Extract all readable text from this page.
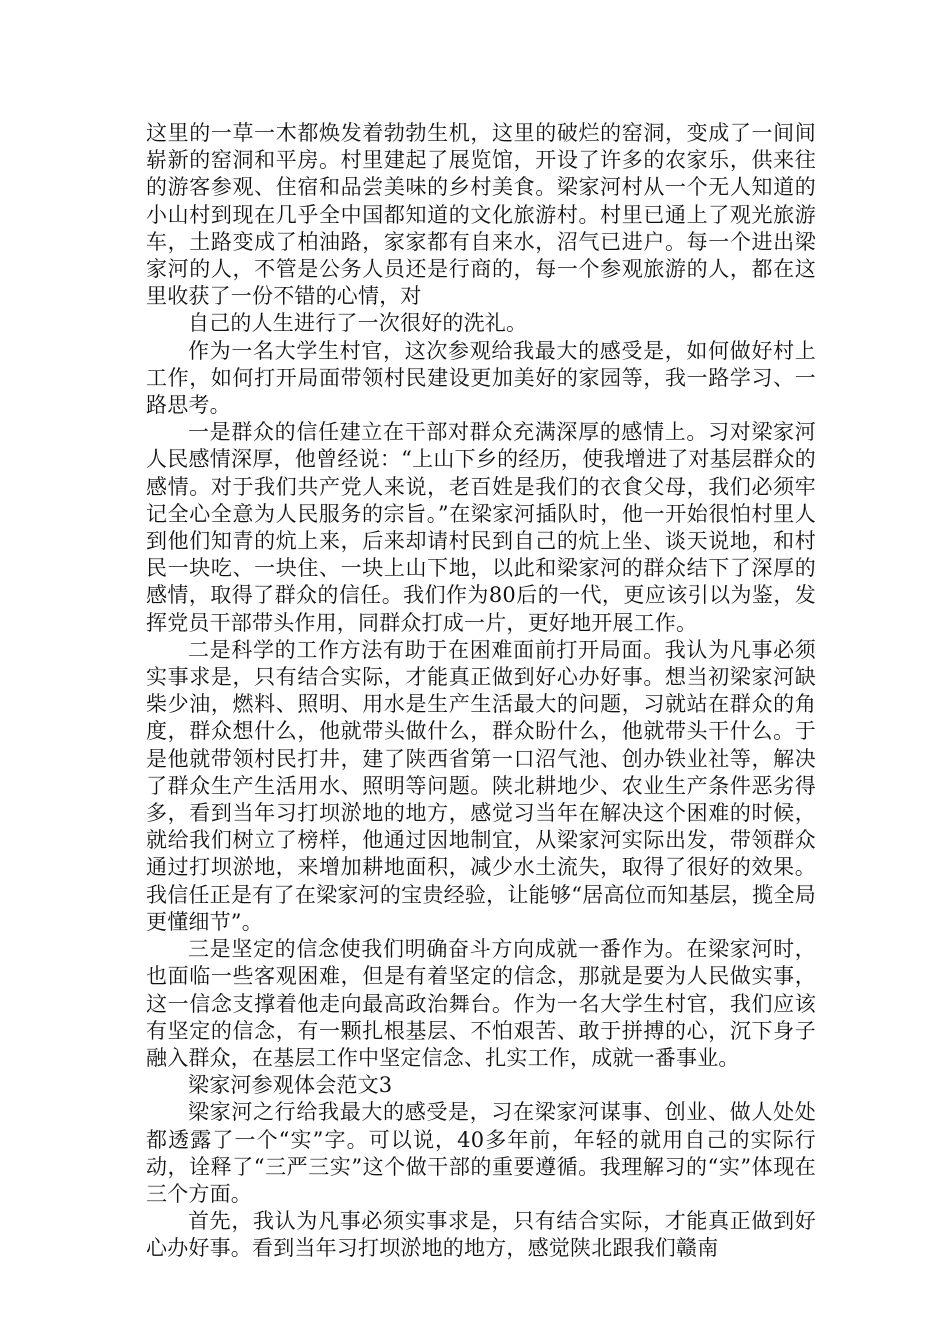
这里的一草一木都焕发着勃勃生机，这里的破烂的窑洞，变成了一间间崭新的窑洞和平房。村里建起了展览馆，开设了许多的农家乐，供来往的游客参观、住宿和品尝美味的乡村美食。梁家河村从一个无人知道的小山村到现在几乎全中国都知道的文化旅游村。村里已通上了观光旅游车，土路变成了柏油路，家家都有自来水，沼气已进户。每一个进出梁家河的人，不管是公务人员还是行商的，每一个参观旅游的人，都在这里收获了一份不错的心情，对

自己的人生进行了一次很好的洗礼。

作为一名大学生村官，这次参观给我最大的感受是，如何做好村上工作，如何打开局面带领村民建设更加美好的家园等，我一路学习、一路思考。

一是群众的信任建立在干部对群众充满深厚的感情上。习对梁家河人民感情深厚，他曾经说：“上山下乡的经历，使我增进了对基层群众的感情。对于我们共产党人来说，老百姓是我们的衣食父母，我们必须牢记全心全意为人民服务的宗旨。”在梁家河插队时，他一开始很怕村里人到他们知青的炕上来，后来却请村民到自己的炕上坐、谈天说地，和村民一块吃、一块住、一块上山下地，以此和梁家河的群众结下了深厚的感情，取得了群众的信任。我们作为80后的一代，更应该引以为鉴，发挥党员干部带头作用，同群众打成一片，更好地开展工作。

二是科学的工作方法有助于在困难面前打开局面。我认为凡事必须实事求是，只有结合实际，才能真正做到好心办好事。想当初梁家河缺柴少油，燃料、照明、用水是生产生活最大的问题，习就站在群众的角度，群众想什么，他就带头做什么，群众盼什么，他就带头干什么。于是他就带领村民打井，建了陕西省第一口沼气池、创办铁业社等，解决了群众生产生活用水、照明等问题。陕北耕地少、农业生产条件恶劣得多，看到当年习打坝淤地的地方，感觉习当年在解决这个困难的时候，就给我们树立了榜样，他通过因地制宜，从梁家河实际出发，带领群众通过打坝淤地，来增加耕地面积，减少水土流失，取得了很好的效果。我信任正是有了在梁家河的宝贵经验，让能够“居高位而知基层，揽全局更懂细节”。

三是坚定的信念使我们明确奋斗方向成就一番作为。在梁家河时，也面临一些客观困难，但是有着坚定的信念，那就是要为人民做实事，这一信念支撑着他走向最高政治舞台。作为一名大学生村官，我们应该有坚定的信念，有一颗扎根基层、不怕艰苦、敢于拼搏的心，沉下身子融入群众，在基层工作中坚定信念、扎实工作，成就一番事业。

梁家河参观体会范文3

梁家河之行给我最大的感受是，习在梁家河谋事、创业、做人处处都透露了一个“实”字。可以说，40多年前，年轻的就用自己的实际行动，诠释了“三严三实”这个做干部的重要遵循。我理解习的“实”体现在三个方面。

首先，我认为凡事必须实事求是，只有结合实际，才能真正做到好心办好事。看到当年习打坝淤地的地方，感觉陕北跟我们赣南
